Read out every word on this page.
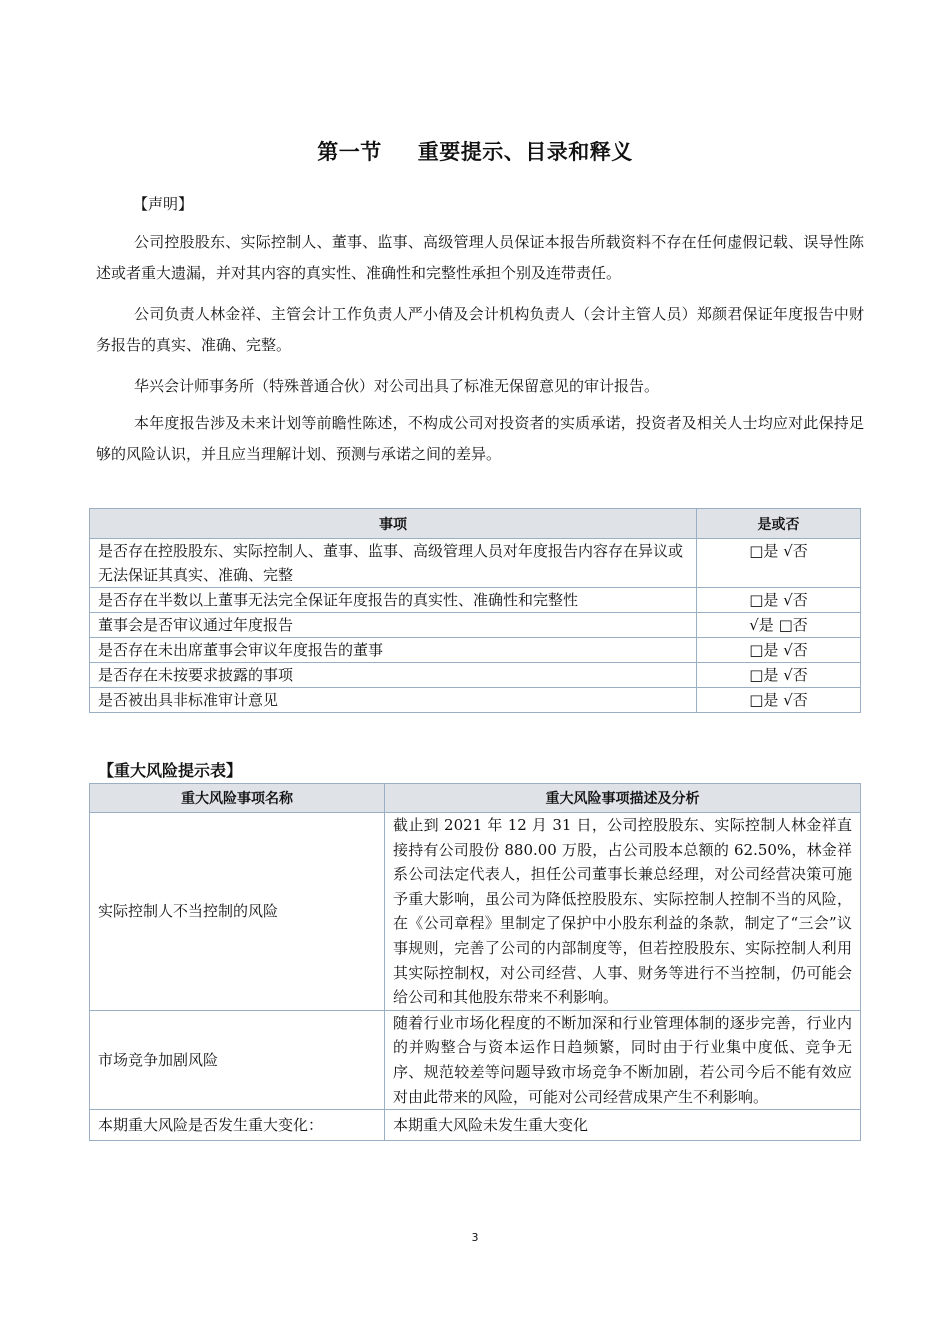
第一节 重要提示、目录和释义
【声明】

公司控股股东、实际控制人、董事、监事、高级管理人员保证本报告所载资料不存在任何虚假记载、误导性陈述或者重大遗漏，并对其内容的真实性、准确性和完整性承担个别及连带责任。

公司负责人林金祥、主管会计工作负责人严小倩及会计机构负责人（会计主管人员）郑颜君保证年度报告中财务报告的真实、准确、完整。

华兴会计师事务所（特殊普通合伙）对公司出具了标准无保留意见的审计报告。

本年度报告涉及未来计划等前瞻性陈述，不构成公司对投资者的实质承诺，投资者及相关人士均应对此保持足够的风险认识，并且应当理解计划、预测与承诺之间的差异。

事项	是或否
是否存在控股股东、实际控制人、董事、监事、高级管理人员对年度报告内容存在异议或无法保证其真实、准确、完整	□是 √否
是否存在半数以上董事无法完全保证年度报告的真实性、准确性和完整性	□是 √否
董事会是否审议通过年度报告	√是 □否
是否存在未出席董事会审议年度报告的董事	□是 √否
是否存在未按要求披露的事项	□是 √否
是否被出具非标准审计意见	□是 √否
【重大风险提示表】
重大风险事项名称	重大风险事项描述及分析
实际控制人不当控制的风险	截止到 2021 年 12 月 31 日，公司控股股东、实际控制人林金祥直接持有公司股份 880.00 万股，占公司股本总额的 62.50%，林金祥系公司法定代表人，担任公司董事长兼总经理，对公司经营决策可施予重大影响，虽公司为降低控股股东、实际控制人控制不当的风险，在《公司章程》里制定了保护中小股东利益的条款，制定了“三会”议事规则，完善了公司的内部制度等，但若控股股东、实际控制人利用其实际控制权，对公司经营、人事、财务等进行不当控制，仍可能会给公司和其他股东带来不利影响。
市场竞争加剧风险	随着行业市场化程度的不断加深和行业管理体制的逐步完善，行业内的并购整合与资本运作日趋频繁，同时由于行业集中度低、竞争无序、规范较差等问题导致市场竞争不断加剧，若公司今后不能有效应对由此带来的风险，可能对公司经营成果产生不利影响。
本期重大风险是否发生重大变化：	本期重大风险未发生重大变化
3
